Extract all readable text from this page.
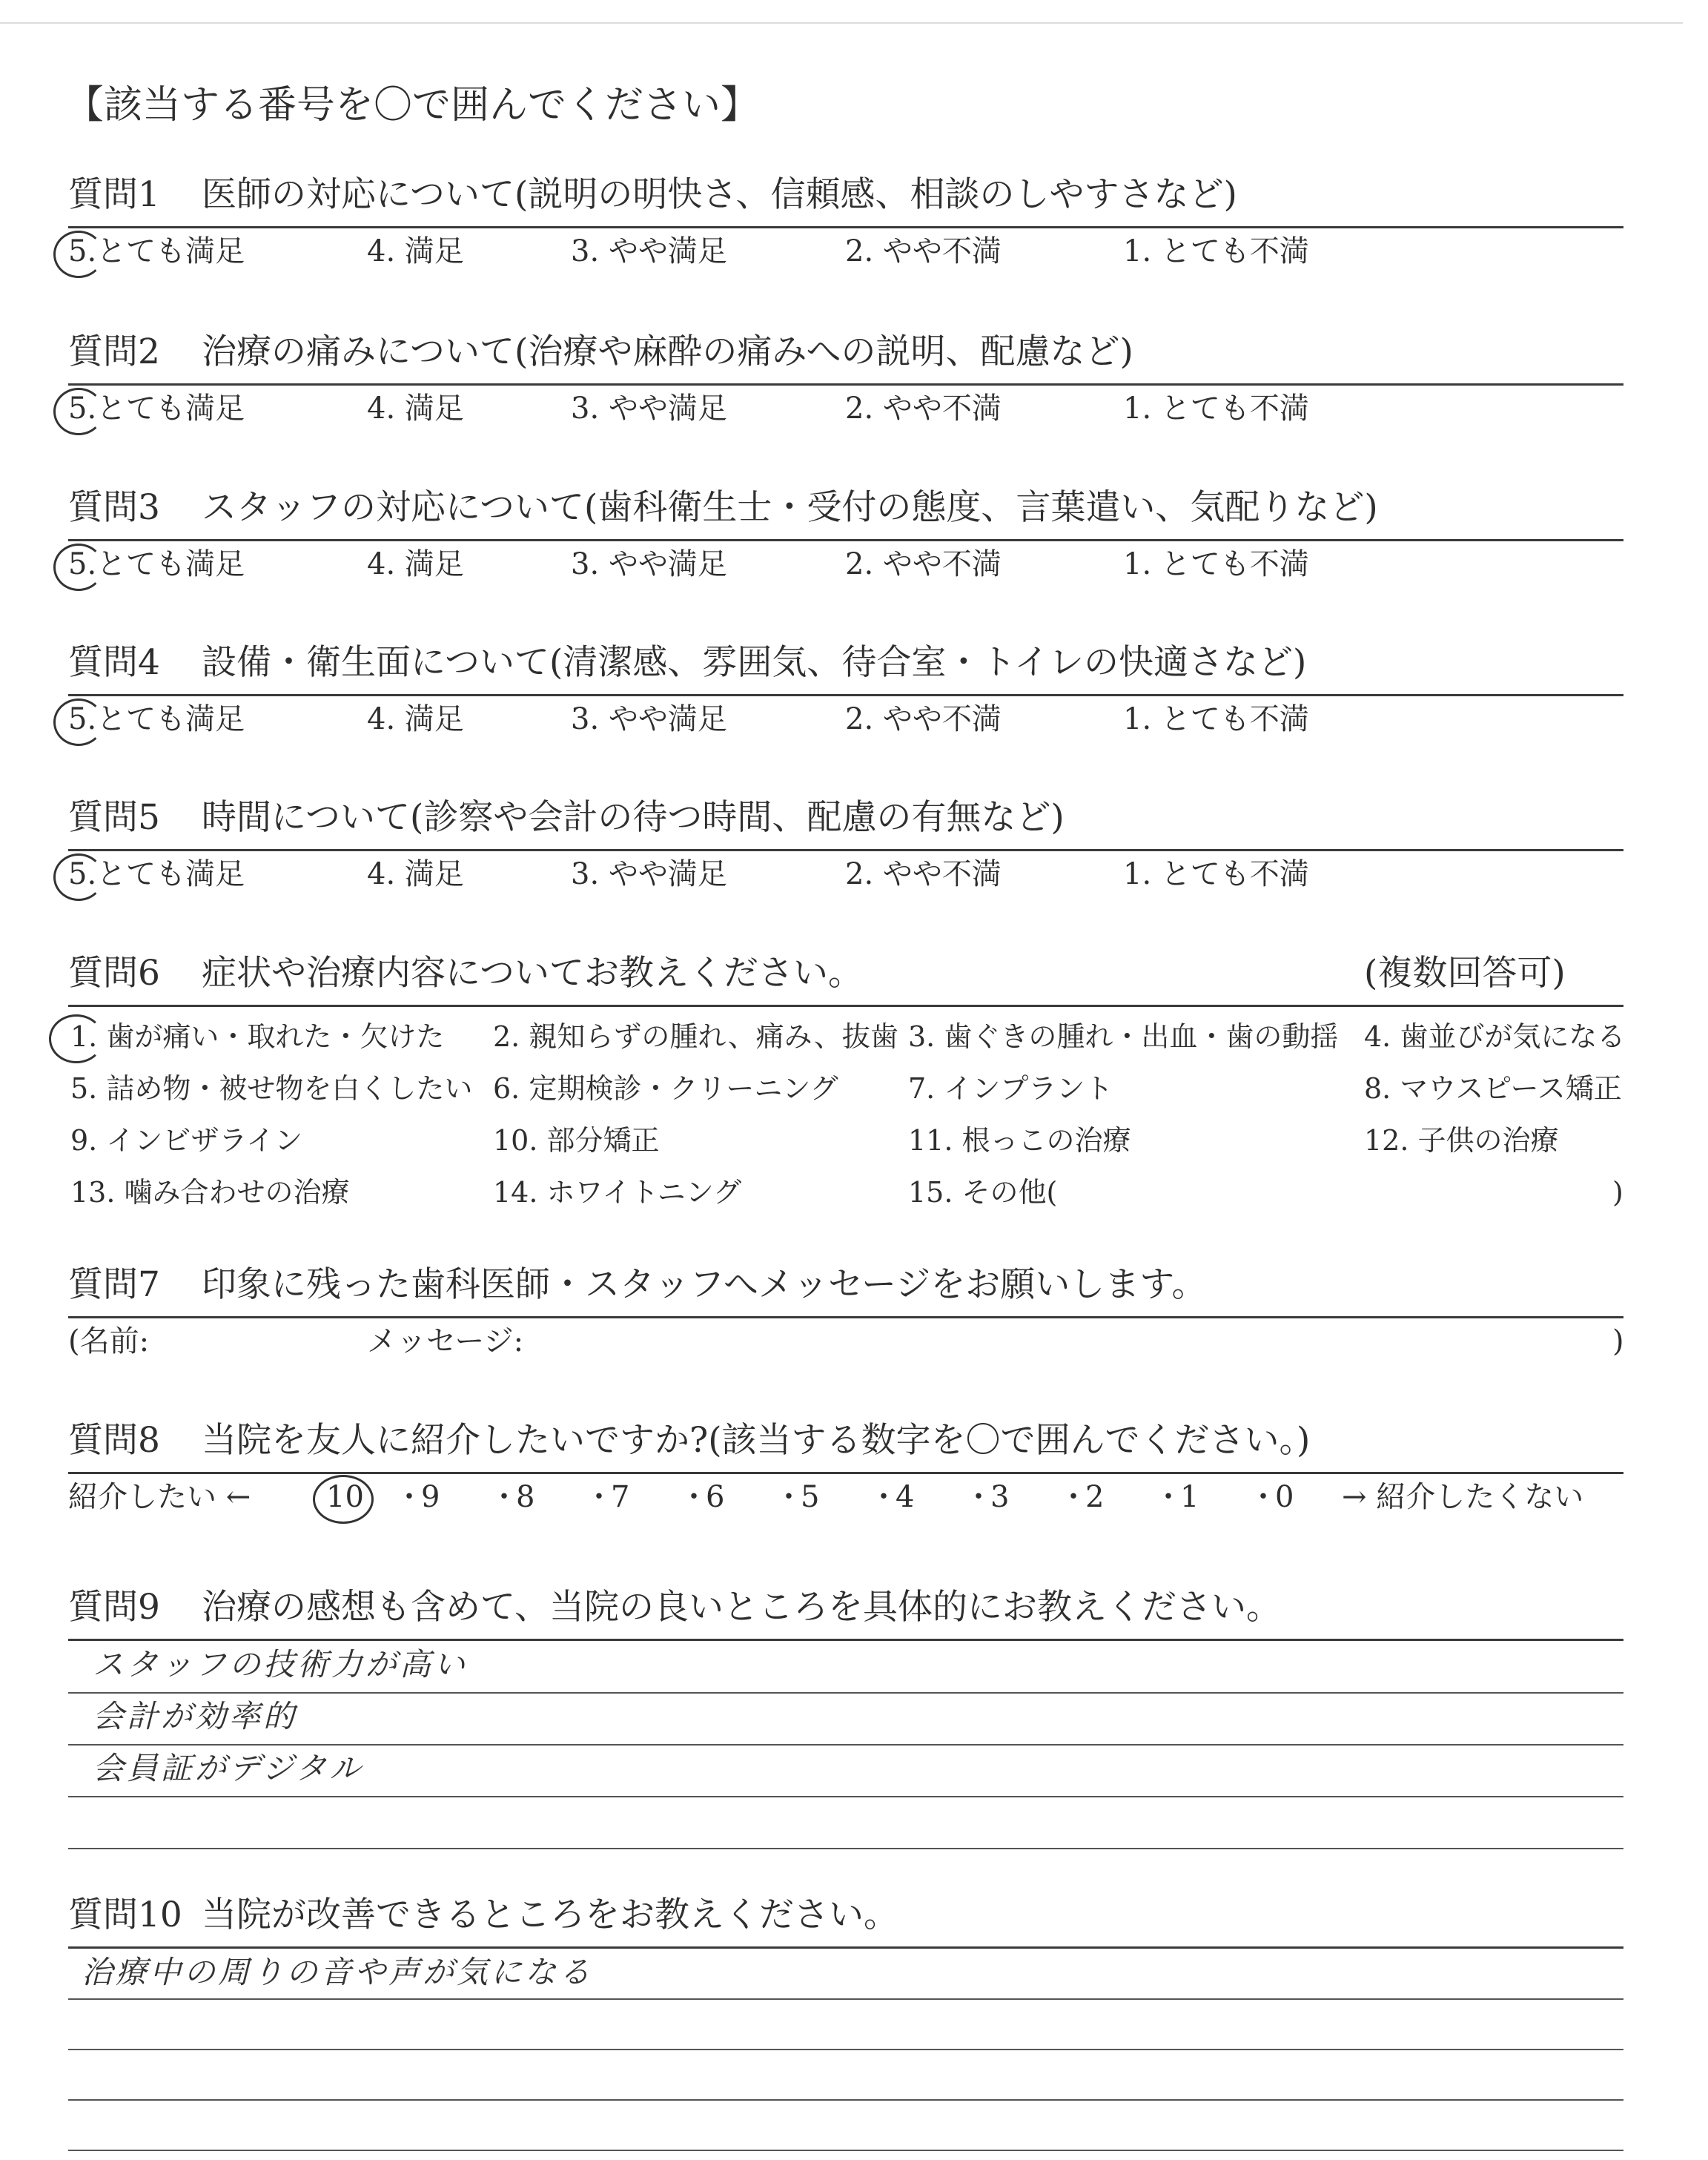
【該当する番号を〇で囲んでください】
質問1 医師の対応について(説明の明快さ、信頼感、相談のしやすさなど)
5.とても満足	4. 満足	3. やや満足	2. やや不満	1. とても不満
質問2 治療の痛みについて(治療や麻酔の痛みへの説明、配慮など)
5.とても満足	4. 満足	3. やや満足	2. やや不満	1. とても不満
質問3 スタッフの対応について(歯科衛生士・受付の態度、言葉遣い、気配りなど)
5.とても満足	4. 満足	3. やや満足	2. やや不満	1. とても不満
質問4 設備・衛生面について(清潔感、雰囲気、待合室・トイレの快適さなど)
5.とても満足	4. 満足	3. やや満足	2. やや不満	1. とても不満
質問5 時間について(診察や会計の待つ時間、配慮の有無など)
5.とても満足	4. 満足	3. やや満足	2. やや不満	1. とても不満
質問6 症状や治療内容についてお教えください。	(複数回答可)
1. 歯が痛い・取れた・欠けた 2. 親知らずの腫れ、痛み、抜歯 3. 歯ぐきの腫れ・出血・歯の動揺 4. 歯並びが気になる
5. 詰め物・被せ物を白くしたい 6. 定期検診・クリーニング 7. インプラント	8. マウスピース矯正
9. インビザライン	10. 部分矯正	11. 根っこの治療	12. 子供の治療
13. 噛み合わせの治療	14. ホワイトニング	15. その他(	)
質問7 印象に残った歯科医師・スタッフへメッセージをお願いします。
(名前:	メッセージ:	)
質問8 当院を友人に紹介したいですか?(該当する数字を〇で囲んでください。)
紹介したい ←	→ 紹介したくない
10 ・
9 ・
8 ・
7 ・
6 ・
5 ・
4 ・
3 ・
2 ・
1 ・
0
質問9 治療の感想も含めて、当院の良いところを具体的にお教えください。
スタッフの技術力が高い
会計が効率的
会員証がデジタル
質問10 当院が改善できるところをお教えください。
治療中の周りの音や声が気になる
